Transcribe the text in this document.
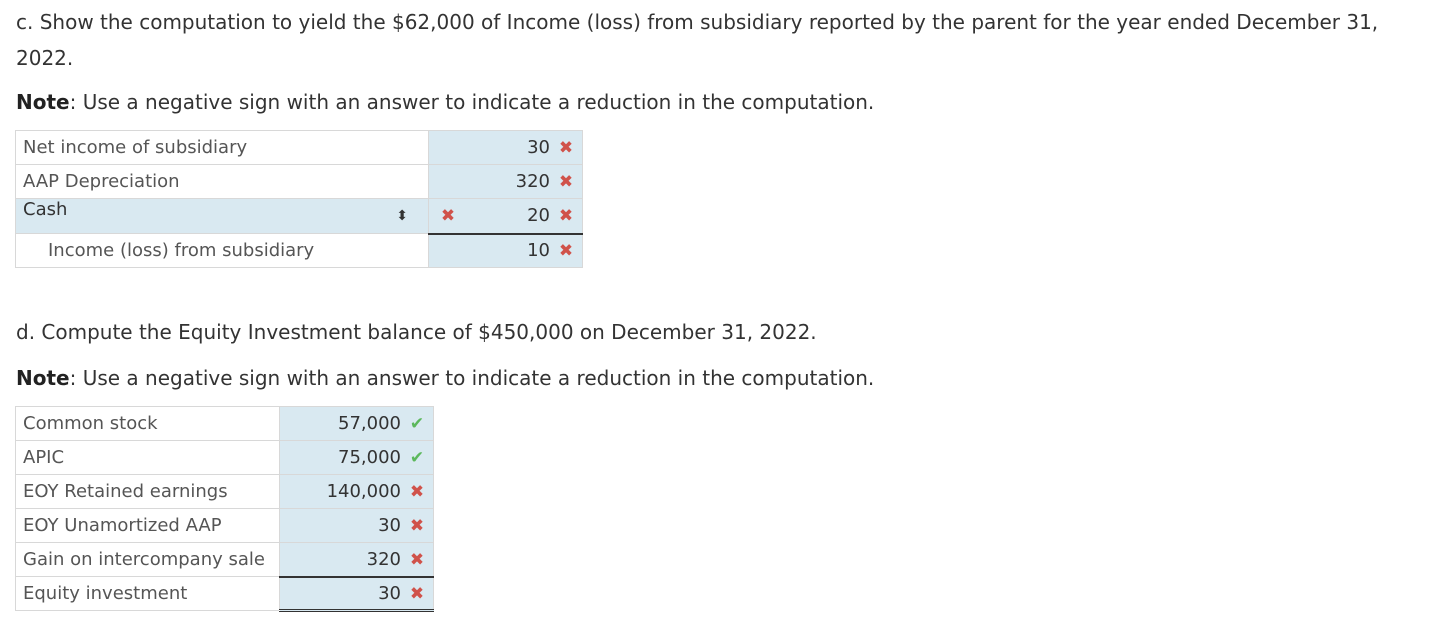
c. Show the computation to yield the $62,000 of Income (loss) from subsidiary reported by the parent for the year ended December 31,
2022.

Note: Use a negative sign with an answer to indicate a reduction in the computation.

Net income of subsidiary	30 ✖
AAP Depreciation	320 ✖
Cash ⬍ ✖	20 ✖
Income (loss) from subsidiary	10 ✖

d. Compute the Equity Investment balance of $450,000 on December 31, 2022.

Note: Use a negative sign with an answer to indicate a reduction in the computation.

Common stock	57,000 ✔
APIC	75,000 ✔
EOY Retained earnings	140,000 ✖
EOY Unamortized AAP	30 ✖
Gain on intercompany sale	320 ✖
Equity investment	30 ✖
